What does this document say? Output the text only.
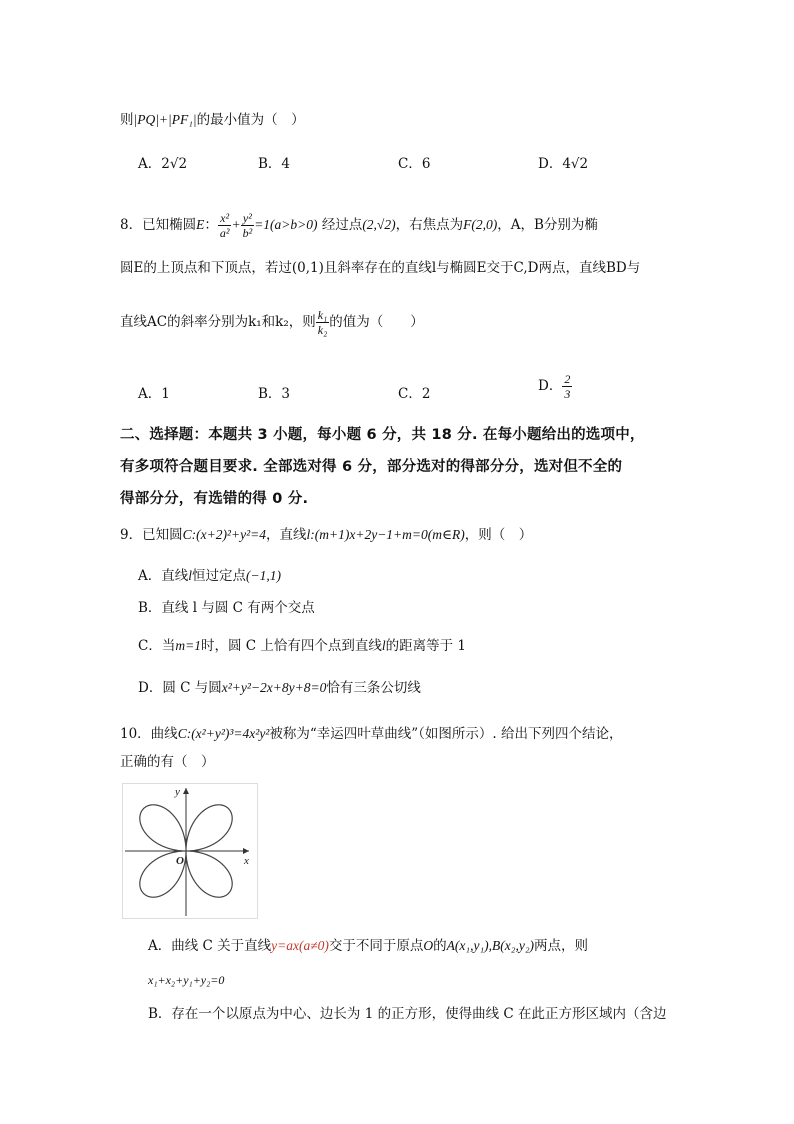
则|PQ|+|PF₁|的最小值为（　）
A．2√2	B．4	C．6	D．4√2
8．已知椭圆E： $\frac{\text{x²}}{\text{a²}} + \frac{\text{y²}}{\text{b²}} =1(a>b>0)$ 经过点(2,√2)，右焦点为F(2,0)，A，B分别为椭
圆E的上顶点和下顶点，若过(0,1)且斜率存在的直线l与椭圆E交于C,D两点，直线BD与
直线AC的斜率分别为k₁和k₂，则 $\frac{\text{k₁}}{\text{k₂}}$ 的值为（　　）
A．1	B．3	C．2	D． $\frac{2}{3}$
二、选择题：本题共 3 小题，每小题 6 分，共 18 分. 在每小题给出的选项中，
有多项符合题目要求. 全部选对得 6 分，部分选对的得部分分，选对但不全的
得部分分，有选错的得 0 分.
9．已知圆C:(x+2)²+y²=4，直线l:(m+1)x+2y−1+m=0(m∈R)，则（　）
A．直线l恒过定点(−1,1)
B．直线 l 与圆 C 有两个交点
C．当m=1时，圆 C 上恰有四个点到直线l的距离等于 1
D．圆 C 与圆x²+y²−2x+8y+8=0恰有三条公切线
10．曲线C:(x²+y²)³=4x²y²被称为“幸运四叶草曲线”（如图所示）. 给出下列四个结论，
正确的有（　）
y
x
O
A．曲线 C 关于直线y=ax(a≠0)交于不同于原点O的A(x₁,y₁),B(x₂,y₂)两点，则
x₁+x₂+y₁+y₂=0
B．存在一个以原点为中心、边长为 1 的正方形，使得曲线 C 在此正方形区域内（含边
